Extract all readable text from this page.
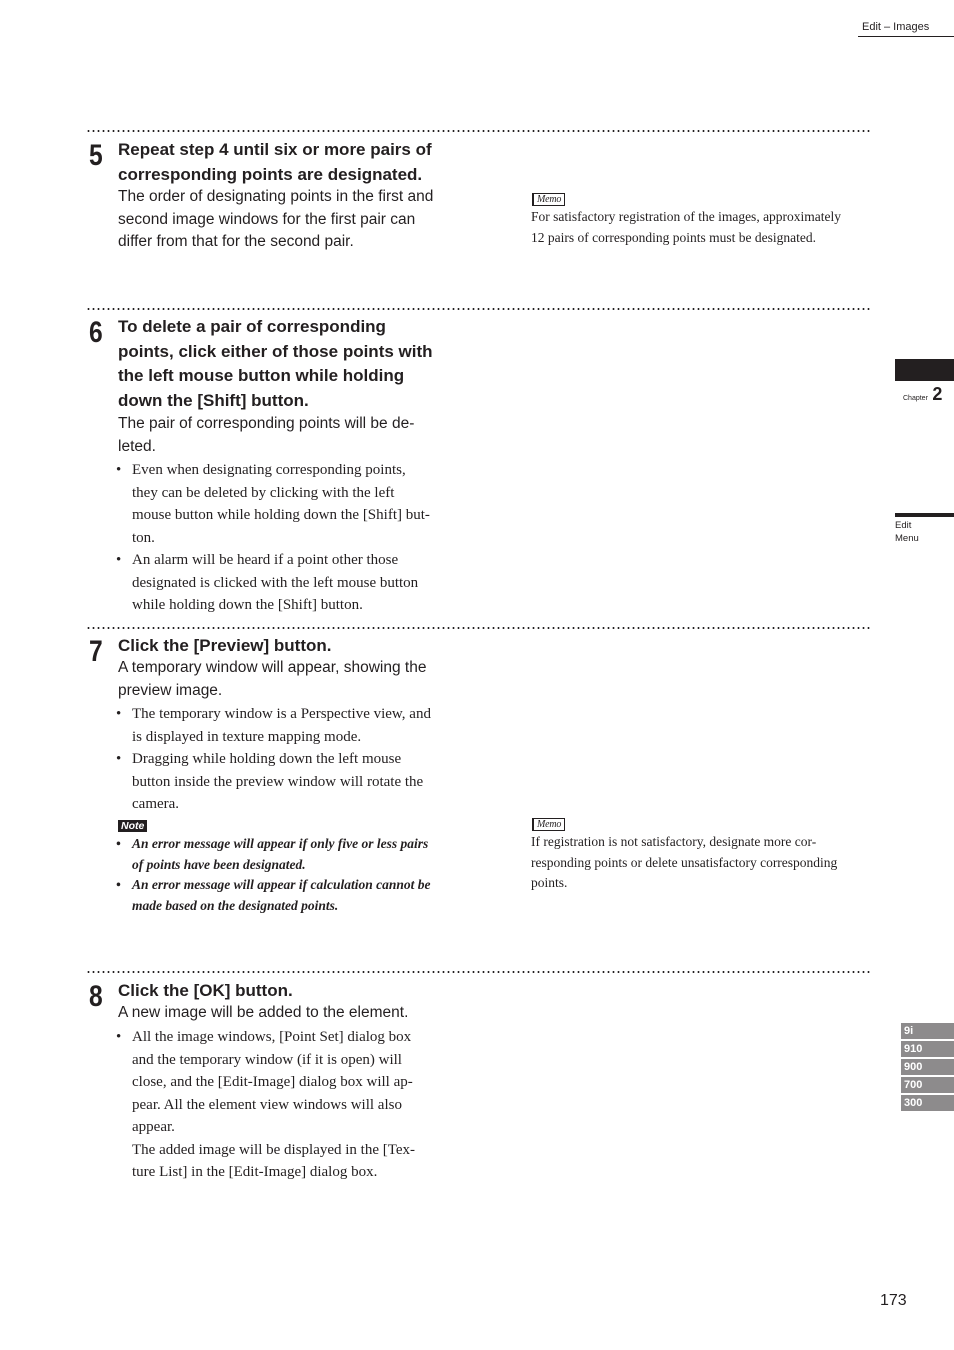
Edit – Images
5 Repeat step 4 until six or more pairs of
corresponding points are designated.
The order of designating points in the first and
second image windows for the first pair can
differ from that for the second pair.
Memo
For satisfactory registration of the images, approximately
12 pairs of corresponding points must be designated.
6 To delete a pair of corresponding
points, click either of those points with
the left mouse button while holding
down the [Shift] button.
The pair of corresponding points will be de-
leted.
• Even when designating corresponding points,
they can be deleted by clicking with the left
mouse button while holding down the [Shift] but-
ton.
• An alarm will be heard if a point other those
designated is clicked with the left mouse button
while holding down the [Shift] button.
7 Click the [Preview] button.
A temporary window will appear, showing the
preview image.
• The temporary window is a Perspective view, and
is displayed in texture mapping mode.
• Dragging while holding down the left mouse
button inside the preview window will rotate the
camera.
Note
• An error message will appear if only five or less pairs
of points have been designated.
• An error message will appear if calculation cannot be
made based on the designated points.
Memo
If registration is not satisfactory, designate more cor-
responding points or delete unsatisfactory corresponding
points.
8 Click the [OK] button.
A new image will be added to the element.
• All the image windows, [Point Set] dialog box
and the temporary window (if it is open) will
close, and the [Edit-Image] dialog box will ap-
pear. All the element view windows will also
appear.
The added image will be displayed in the [Tex-
ture List] in the [Edit-Image] dialog box.
Chapter 2
Edit
Menu
9i
910
900
700
300
173
